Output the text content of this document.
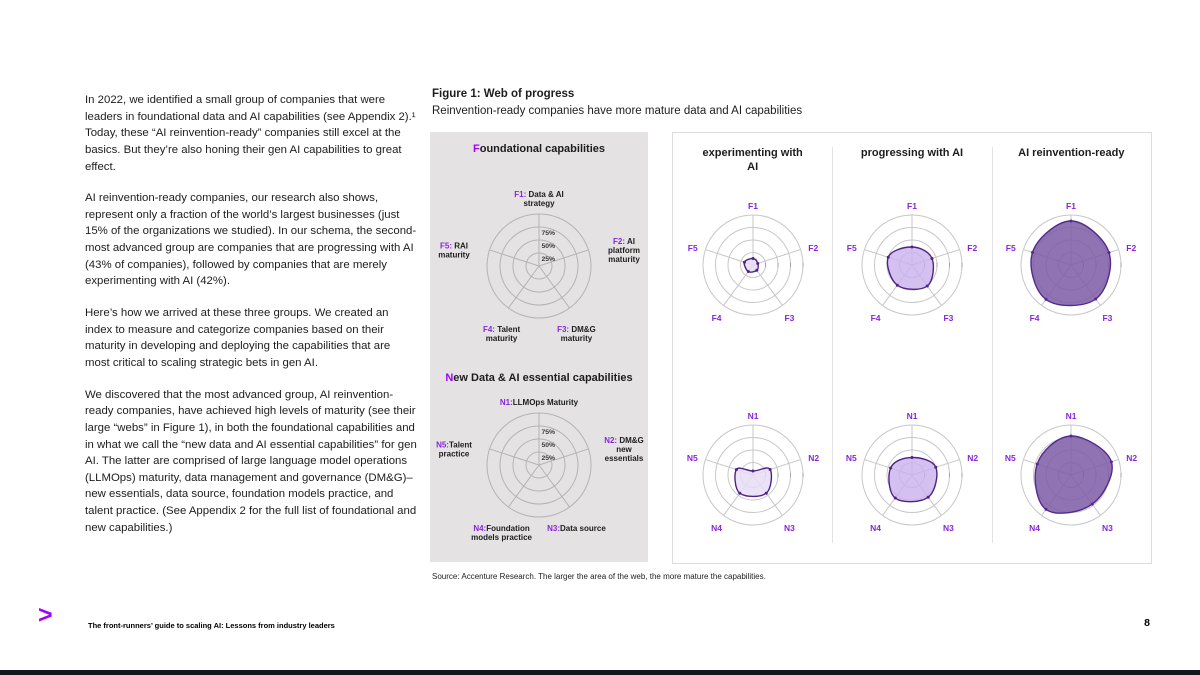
In 2022, we identified a small group of companies that were leaders in foundational data and AI capabilities (see Appendix 2).¹ Today, these “AI reinvention-ready” companies still excel at the basics. But they’re also honing their gen AI capabilities to great effect.

AI reinvention-ready companies, our research also shows, represent only a fraction of the world’s largest businesses (just 15% of the organizations we studied). In our schema, the second-most advanced group are companies that are progressing with AI (43% of companies), followed by companies that are merely experimenting with AI (42%).

Here’s how we arrived at these three groups. We created an index to measure and categorize companies based on their maturity in developing and deploying the capabilities that are most critical to scaling strategic bets in gen AI.

We discovered that the most advanced group, AI reinvention-ready companies, have achieved high levels of maturity (see their large “webs” in Figure 1), in both the foundational capabilities and in what we call the “new data and AI essential capabilities” for gen AI. The latter are comprised of large language model operations (LLMOps) maturity, data management and governance (DM&G)–new essentials, data source, foundation models practice, and talent practice. (See Appendix 2 for the full list of foundational and new capabilities.)

Figure 1: Web of progress
Reinvention-ready companies have more mature data and AI capabilities
Foundational capabilities
75%
50%
25%
F1: Data & AI
strategy
F2: AI
platform
maturity
F3: DM&G
maturity
F4: Talent
maturity
F5: RAI
maturity
New Data & AI essential capabilities
75%
50%
25%
N1:LLMOps Maturity
N2: DM&G
new
essentials
N3:Data source
N4:Foundation
models practice
N5:Talent
practice
experimenting with AI
F1
F2
F3
F4
F5
N1
N2
N3
N4
N5
progressing with AI
F1
F2
F3
F4
F5
N1
N2
N3
N4
N5
AI reinvention-ready
F1
F2
F3
F4
F5
N1
N2
N3
N4
N5
Source: Accenture Research. The larger the area of the web, the more mature the capabilities.
>	The front-runners’ guide to scaling AI: Lessons from industry leaders	8
